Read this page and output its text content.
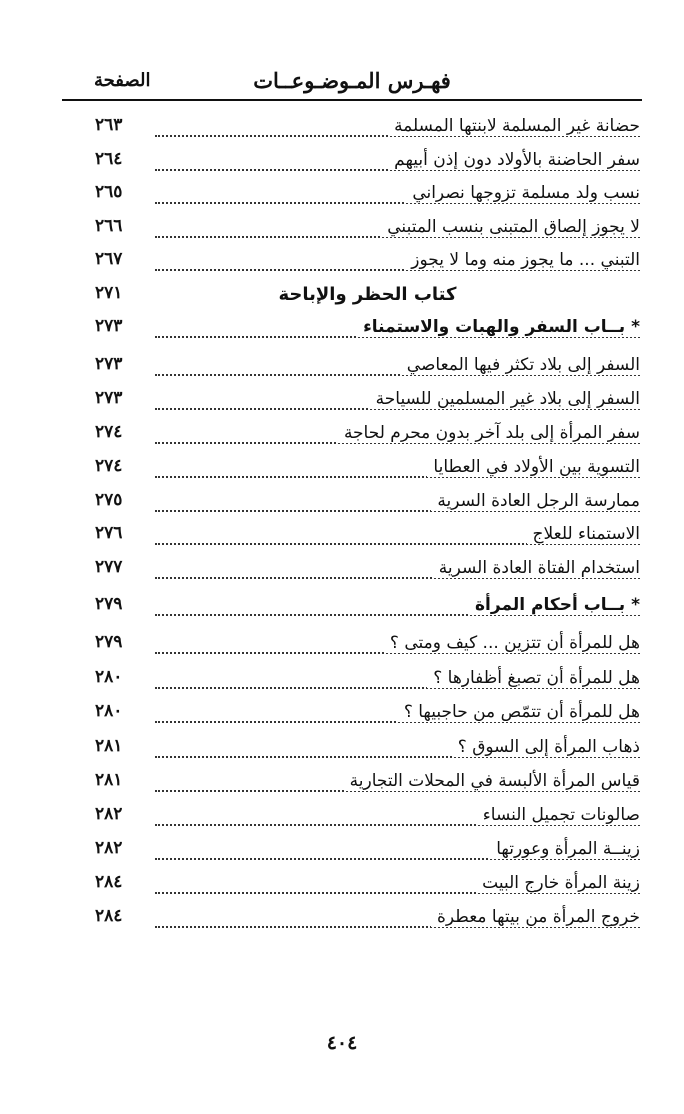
فهـرس المـوضـوعــات
الصفحة
حضانة غير المسلمة لابنتها المسلمة
٢٦٣
سفر الحاضنة بالأولاد دون إذن أبيهم
٢٦٤
نسب ولد مسلمة تزوجها نصراني
٢٦٥
لا يجوز إلصاق المتبنى بنسب المتبني
٢٦٦
التبني ... ما يجوز منه وما لا يجوز
٢٦٧
كتاب الحظر والإباحة
٢٧١
* بــاب السفر والهبات والاستمناء
٢٧٣
السفر إلى بلاد تكثر فيها المعاصي
٢٧٣
السفر إلى بلاد غير المسلمين للسياحة
٢٧٣
سفر المرأة إلى بلد آخر بدون محرم لحاجة
٢٧٤
التسوية بين الأولاد في العطايا
٢٧٤
ممارسة الرجل العادة السرية
٢٧٥
الاستمناء للعلاج
٢٧٦
استخدام الفتاة العادة السرية
٢٧٧
* بــاب أحكام المرأة
٢٧٩
هل للمرأة أن تتزين ... كيف ومتى ؟
٢٧٩
هل للمرأة أن تصبغ أظفارها ؟
٢٨٠
هل للمرأة أن تتمّص من حاجبيها ؟
٢٨٠
ذهاب المرأة إلى السوق ؟
٢٨١
قياس المرأة الألبسة في المحلات التجارية
٢٨١
صالونات تجميل النساء
٢٨٢
زينــة المرأة وعورتها
٢٨٢
زينة المرأة خارج البيت
٢٨٤
خروج المرأة من بيتها معطرة
٢٨٤
٤٠٤
